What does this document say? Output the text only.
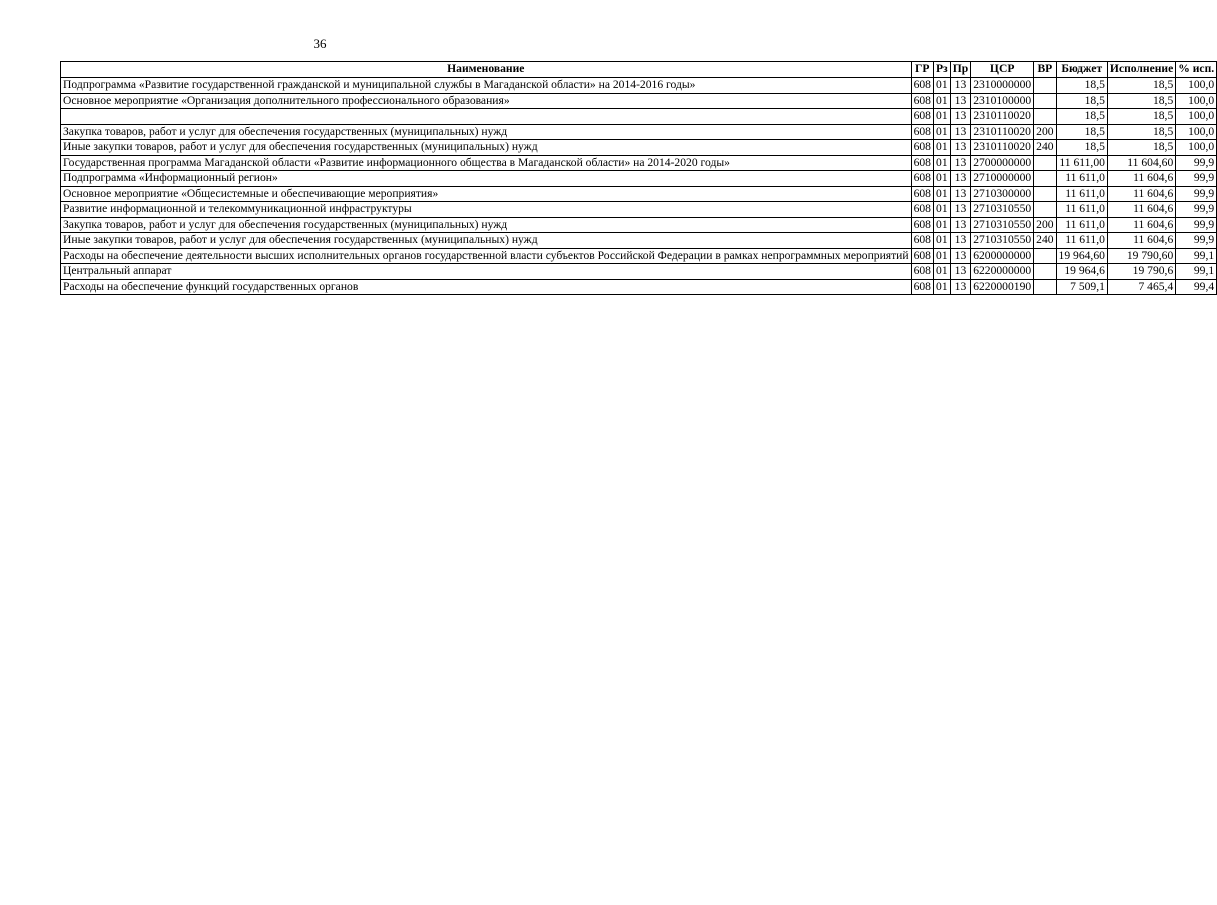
36
Наименование	ГР	Рз	Пр	ЦСР	ВР	Бюджет	Исполнение	% исп.
Подпрограмма «Развитие государственной гражданской и муниципальной службы в Магаданской области» на 2014-2016 годы»	608	01	13	2310000000		18,5	18,5	100,0
Основное мероприятие «Организация дополнительного профессионального образования»	608	01	13	2310100000		18,5	18,5	100,0
	608	01	13	2310110020		18,5	18,5	100,0
Закупка товаров, работ и услуг для обеспечения государственных (муниципальных) нужд	608	01	13	2310110020	200	18,5	18,5	100,0
Иные закупки товаров, работ и услуг для обеспечения государственных (муниципальных) нужд	608	01	13	2310110020	240	18,5	18,5	100,0
Государственная программа Магаданской области «Развитие информационного общества в Магаданской области» на 2014-2020 годы»	608	01	13	2700000000		11 611,00	11 604,60	99,9
Подпрограмма «Информационный регион»	608	01	13	2710000000		11 611,0	11 604,6	99,9
Основное мероприятие «Общесистемные и обеспечивающие мероприятия»	608	01	13	2710300000		11 611,0	11 604,6	99,9
Развитие информационной и телекоммуникационной инфраструктуры	608	01	13	2710310550		11 611,0	11 604,6	99,9
Закупка товаров, работ и услуг для обеспечения государственных (муниципальных) нужд	608	01	13	2710310550	200	11 611,0	11 604,6	99,9
Иные закупки товаров, работ и услуг для обеспечения государственных (муниципальных) нужд	608	01	13	2710310550	240	11 611,0	11 604,6	99,9
Расходы на обеспечение деятельности высших исполнительных органов государственной власти субъектов Российской Федерации в рамках непрограммных мероприятий	608	01	13	6200000000		19 964,60	19 790,60	99,1
Центральный аппарат	608	01	13	6220000000		19 964,6	19 790,6	99,1
Расходы на обеспечение функций государственных органов	608	01	13	6220000190		7 509,1	7 465,4	99,4
